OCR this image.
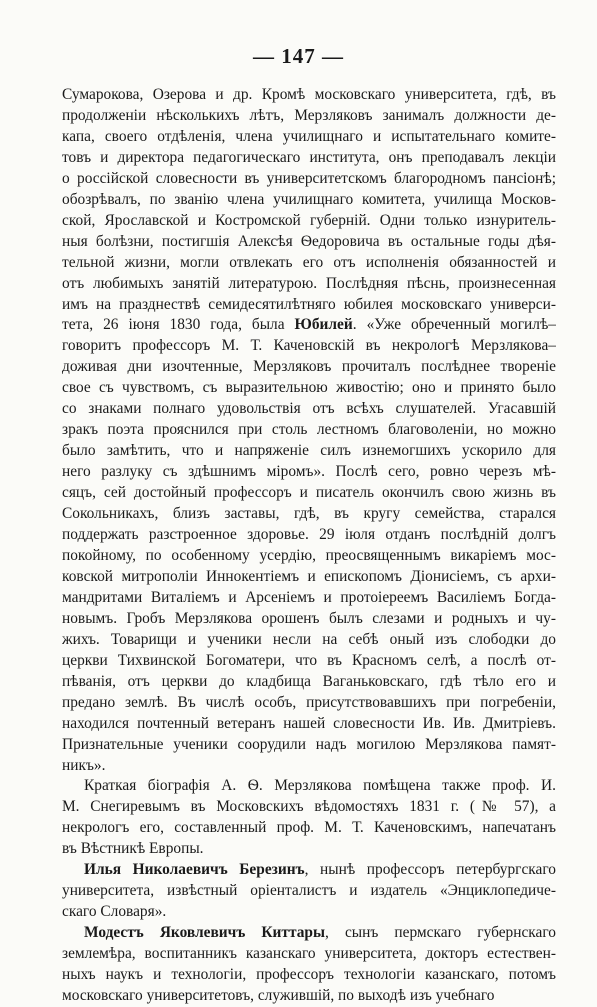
— 147 —
Сумарокова, Озерова и др. Кромѣ московскаго университета, гдѣ, въ
продолженіи нѣсколькихъ лѣтъ, Мерзляковъ занималъ должности де-
капа, своего отдѣленія, члена училищнаго и испытательнаго комите-
товъ и директора педагогическаго института, онъ преподавалъ лекціи
о россійской словесности въ университетскомъ благородномъ пансіонѣ;
обозрѣвалъ, по званію члена училищнаго комитета, училища Москов-
ской, Ярославской и Костромской губерній. Одни только изнуритель-
ныя болѣзни, постигшія Алексѣя Ѳедоровича въ остальные годы дѣя-
тельной жизни, могли отвлекать его отъ исполненія обязанностей и
отъ любимыхъ занятій литературою. Послѣдняя пѣснь, произнесенная
имъ на празднествѣ семидесятилѣтняго юбилея московскаго универси-
тета, 26 іюня 1830 года, была Юбилей. «Уже обреченный могилѣ–
говоритъ профессоръ М. Т. Каченовскій въ некрологѣ Мерзлякова–
доживая дни изочтенные, Мерзляковъ прочиталъ послѣднее твореніе
свое съ чувствомъ, съ выразительною живостію; оно и принято было
со знаками полнаго удовольствія отъ всѣхъ слушателей. Угасавшій
зракъ поэта прояснился при столь лестномъ благоволеніи, но можно
было замѣтить, что и напряженіе силъ изнемогшихъ ускорило для
него разлуку съ здѣшнимъ міромъ». Послѣ сего, ровно черезъ мѣ-
сяцъ, сей достойный профессоръ и писатель окончилъ свою жизнь въ
Сокольникахъ, близъ заставы, гдѣ, въ кругу семейства, старался
поддержать разстроенное здоровье. 29 іюля отданъ послѣдній долгъ
покойному, по особенному усердію, преосвященнымъ викаріемъ мос-
ковской митрополіи Иннокентіемъ и епископомъ Діонисіемъ, съ архи-
мандритами Виталіемъ и Арсеніемъ и протоіереемъ Василіемъ Богда-
новымъ. Гробъ Мерзлякова орошенъ былъ слезами и родныхъ и чу-
жихъ. Товарищи и ученики несли на себѣ оный изъ слободки до
церкви Тихвинской Богоматери, что въ Красномъ селѣ, а послѣ от-
пѣванія, отъ церкви до кладбища Ваганьковскаго, гдѣ тѣло его и
предано землѣ. Въ числѣ особъ, присутствовавшихъ при погребеніи,
находился почтенный ветеранъ нашей словесности Ив. Ив. Дмитріевъ.
Признательные ученики соорудили надъ могилою Мерзлякова памят-
никъ».
Краткая біографія А. Ѳ. Мерзлякова помѣщена также проф. И.
М. Снегиревымъ въ Московскихъ вѣдомостяхъ 1831 г. (№ 57), а
некрологъ его, составленный проф. М. Т. Каченовскимъ, напечатанъ
въ Вѣстникѣ Европы.
Илья Николаевичъ Березинъ, нынѣ профессоръ петербургскаго
университета, извѣстный оріенталистъ и издатель «Энциклопедиче-
скаго Словаря».
Модестъ Яковлевичъ Киттары, сынъ пермскаго губернскаго
землемѣра, воспитанникъ казанскаго университета, докторъ естествен-
ныхъ наукъ и технологіи, профессоръ технологіи казанскаго, потомъ
московскаго университетовъ, служившій, по выходѣ изъ учебнаго
